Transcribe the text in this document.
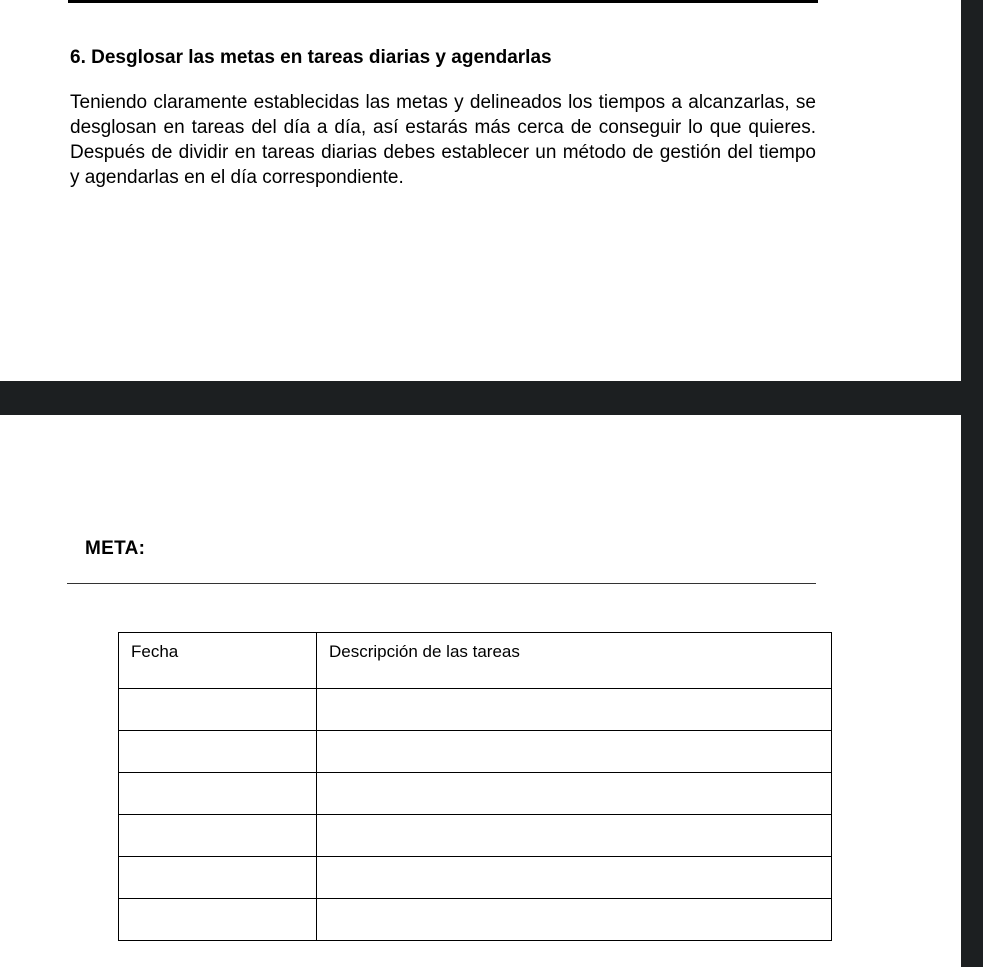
6. Desglosar las metas en tareas diarias y agendarlas

Teniendo claramente establecidas las metas y delineados los tiempos a alcanzarlas, se desglosan en tareas del día a día, así estarás más cerca de conseguir lo que quieres. Después de dividir en tareas diarias debes establecer un método de gestión del tiempo y agendarlas en el día correspondiente.

META:
Fecha	Descripción de las tareas
